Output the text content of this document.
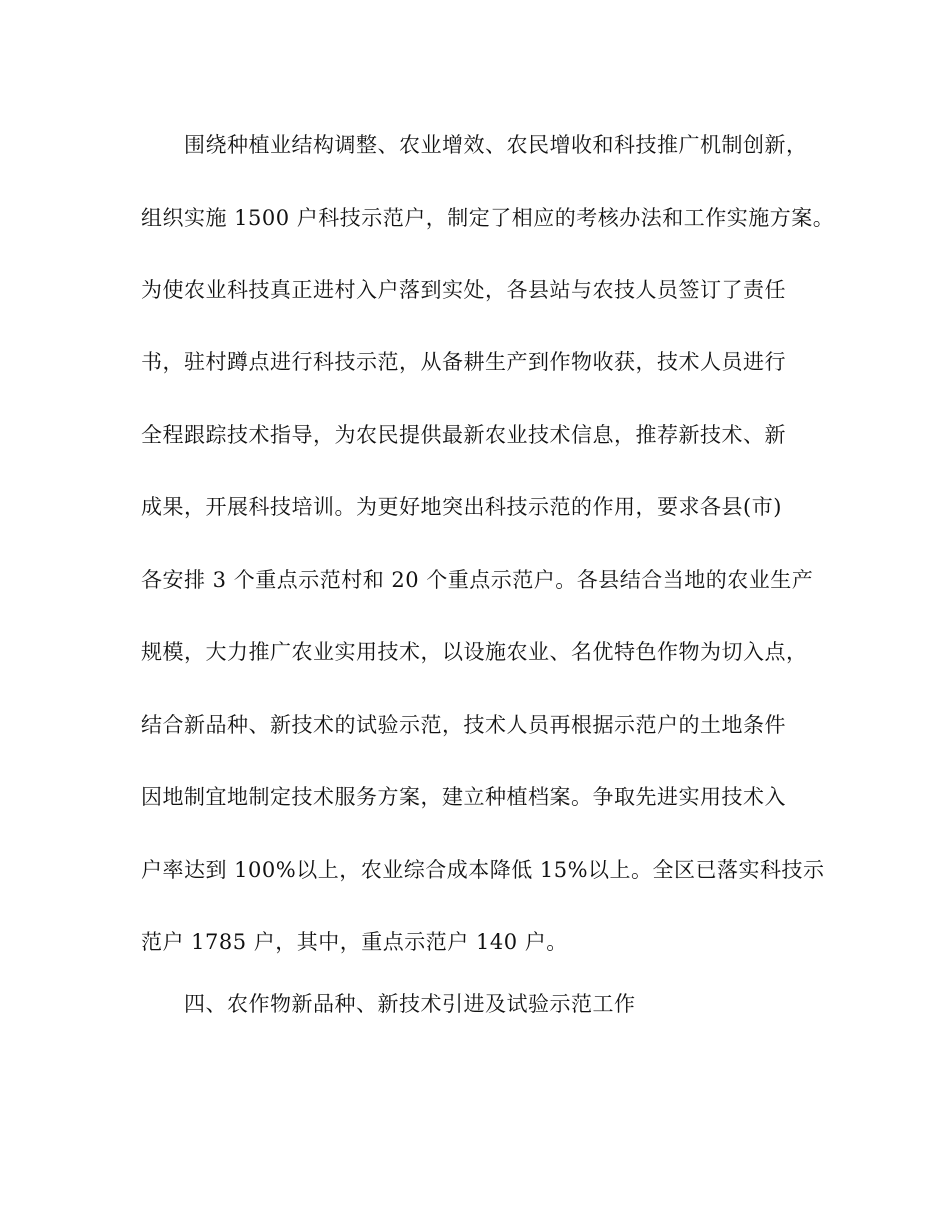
围绕种植业结构调整、农业增效、农民增收和科技推广机制创新，
组织实施 1500 户科技示范户，制定了相应的考核办法和工作实施方案。
为使农业科技真正进村入户落到实处，各县站与农技人员签订了责任
书，驻村蹲点进行科技示范，从备耕生产到作物收获，技术人员进行
全程跟踪技术指导，为农民提供最新农业技术信息，推荐新技术、新
成果，开展科技培训。为更好地突出科技示范的作用，要求各县(市)
各安排 3 个重点示范村和 20 个重点示范户。各县结合当地的农业生产
规模，大力推广农业实用技术，以设施农业、名优特色作物为切入点，
结合新品种、新技术的试验示范，技术人员再根据示范户的土地条件
因地制宜地制定技术服务方案，建立种植档案。争取先进实用技术入
户率达到 100%以上，农业综合成本降低 15%以上。全区已落实科技示
范户 1785 户，其中，重点示范户 140 户。
四、农作物新品种、新技术引进及试验示范工作
